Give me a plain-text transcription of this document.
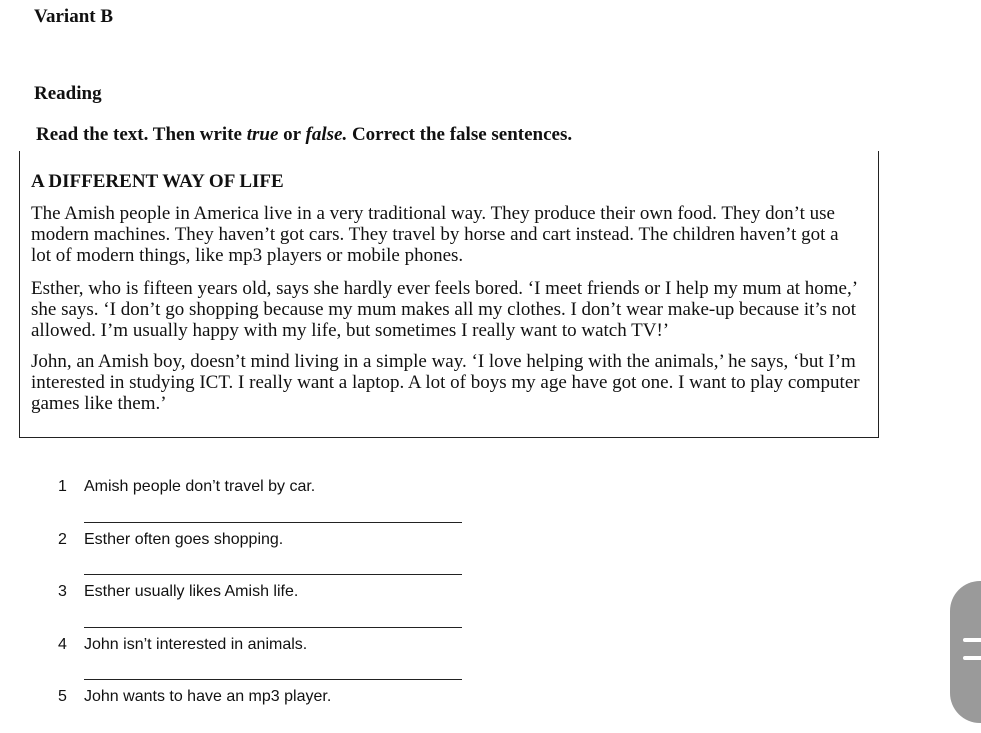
Variant B
Reading
Read the text. Then write true or false. Correct the false sentences.
A DIFFERENT WAY OF LIFE

The Amish people in America live in a very traditional way. They produce their own food. They don’t use modern machines. They haven’t got cars. They travel by horse and cart instead. The children haven’t got a lot of modern things, like mp3 players or mobile phones.

Esther, who is fifteen years old, says she hardly ever feels bored. ‘I meet friends or I help my mum at home,’ she says. ‘I don’t go shopping because my mum makes all my clothes. I don’t wear make-up because it’s not allowed. I’m usually happy with my life, but sometimes I really want to watch TV!’

John, an Amish boy, doesn’t mind living in a simple way. ‘I love helping with the animals,’ he says, ‘but I’m interested in studying ICT. I really want a laptop. A lot of boys my age have got one. I want to play computer games like them.’

1 Amish people don’t travel by car.
2 Esther often goes shopping.
3 Esther usually likes Amish life.
4 John isn’t interested in animals.
5 John wants to have an mp3 player.
